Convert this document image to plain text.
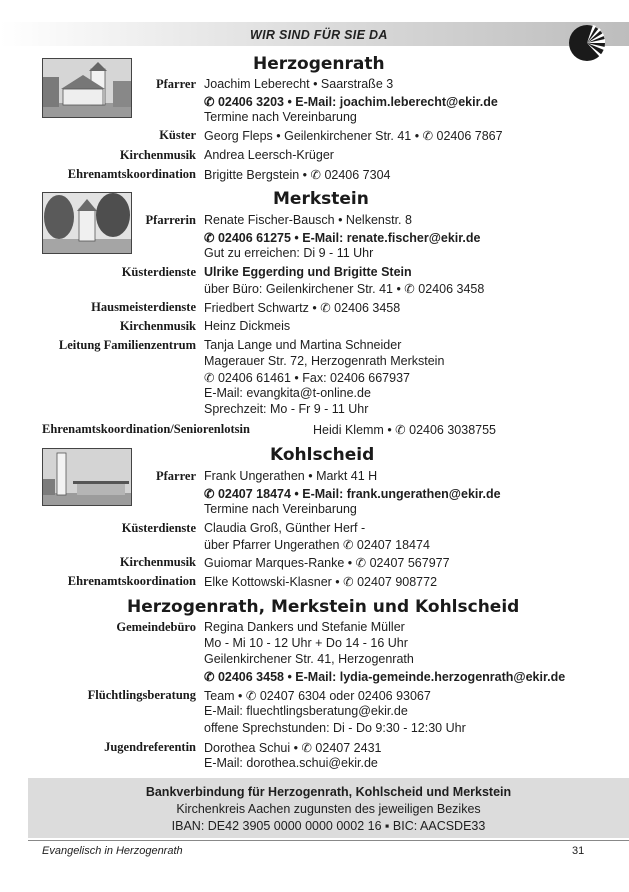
WIR SIND FÜR SIE DA
Herzogenrath
Pfarrer Joachim Leberecht • Saarstraße 3
✆ 02406 3203 • E-Mail: joachim.leberecht@ekir.de
Termine nach Vereinbarung
Küster Georg Fleps • Geilenkirchener Str. 41 • ✆ 02406 7867
Kirchenmusik Andrea Leersch-Krüger
Ehrenamtskoordination Brigitte Bergstein • ✆ 02406 7304
Merkstein
Pfarrerin Renate Fischer-Bausch • Nelkenstr. 8
✆ 02406 61275 • E-Mail: renate.fischer@ekir.de
Gut zu erreichen: Di 9 - 11 Uhr
Küsterdienste Ulrike Eggerding und Brigitte Stein
über Büro: Geilenkirchener Str. 41 • ✆ 02406 3458
Hausmeisterdienste Friedbert Schwartz • ✆ 02406 3458
Kirchenmusik Heinz Dickmeis
Leitung Familienzentrum Tanja Lange und Martina Schneider
Magerauer Str. 72, Herzogenrath Merkstein
✆ 02406 61461 • Fax: 02406 667937
E-Mail: evangkita@t-online.de
Sprechzeit: Mo - Fr 9 - 11 Uhr
Ehrenamtskoordination/Seniorenlotsin	Heidi Klemm • ✆ 02406 3038755
Kohlscheid
Pfarrer Frank Ungerathen • Markt 41 H
✆ 02407 18474 • E-Mail: frank.ungerathen@ekir.de
Termine nach Vereinbarung
Küsterdienste Claudia Groß, Günther Herf -
über Pfarrer Ungerathen ✆ 02407 18474
Kirchenmusik Guiomar Marques-Ranke • ✆ 02407 567977
Ehrenamtskoordination Elke Kottowski-Klasner • ✆ 02407 908772
Herzogenrath, Merkstein und Kohlscheid
Gemeindebüro Regina Dankers und Stefanie Müller
Mo - Mi 10 - 12 Uhr + Do 14 - 16 Uhr
Geilenkirchener Str. 41, Herzogenrath
✆ 02406 3458 • E-Mail: lydia-gemeinde.herzogenrath@ekir.de
Flüchtlingsberatung Team • ✆ 02407 6304 oder 02406 93067
E-Mail: fluechtlingsberatung@ekir.de
offene Sprechstunden: Di - Do 9:30 - 12:30 Uhr
Jugendreferentin Dorothea Schui • ✆ 02407 2431
E-Mail: dorothea.schui@ekir.de
Bankverbindung für Herzogenrath, Kohlscheid und Merkstein
Kirchenkreis Aachen zugunsten des jeweiligen Bezikes
IBAN: DE42 3905 0000 0000 0002 16 ▪ BIC: AACSDE33
Evangelisch in Herzogenrath	31
